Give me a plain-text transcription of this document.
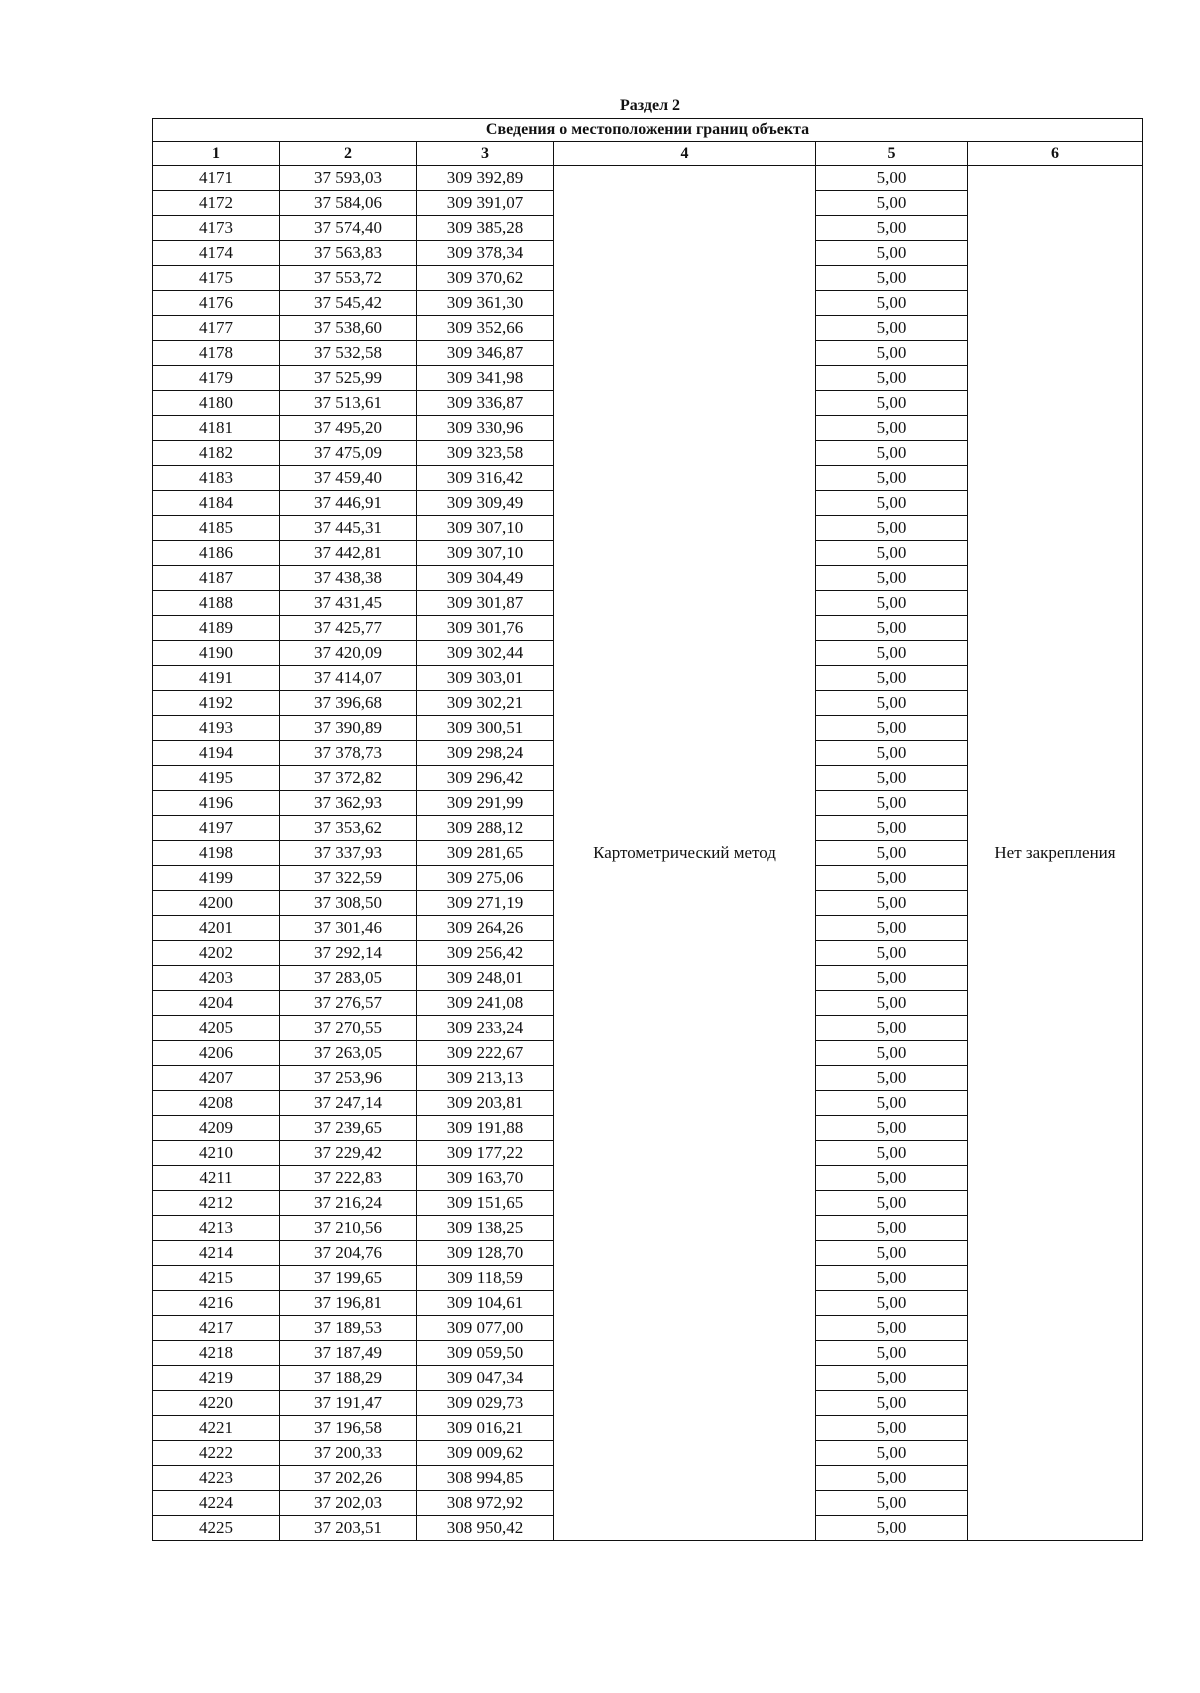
Раздел 2
Сведения о местоположении границ объекта					
1	2	3	4	5	6
4171	37 593,03	309 392,89	Картометрический метод	5,00	Нет закрепления
4172	37 584,06	309 391,07		5,00	
4173	37 574,40	309 385,28		5,00	
4174	37 563,83	309 378,34		5,00	
4175	37 553,72	309 370,62		5,00	
4176	37 545,42	309 361,30		5,00	
4177	37 538,60	309 352,66		5,00	
4178	37 532,58	309 346,87		5,00	
4179	37 525,99	309 341,98		5,00	
4180	37 513,61	309 336,87		5,00	
4181	37 495,20	309 330,96		5,00	
4182	37 475,09	309 323,58		5,00	
4183	37 459,40	309 316,42		5,00	
4184	37 446,91	309 309,49		5,00	
4185	37 445,31	309 307,10		5,00	
4186	37 442,81	309 307,10		5,00	
4187	37 438,38	309 304,49		5,00	
4188	37 431,45	309 301,87		5,00	
4189	37 425,77	309 301,76		5,00	
4190	37 420,09	309 302,44		5,00	
4191	37 414,07	309 303,01		5,00	
4192	37 396,68	309 302,21		5,00	
4193	37 390,89	309 300,51		5,00	
4194	37 378,73	309 298,24		5,00	
4195	37 372,82	309 296,42		5,00	
4196	37 362,93	309 291,99		5,00	
4197	37 353,62	309 288,12		5,00	
4198	37 337,93	309 281,65		5,00	
4199	37 322,59	309 275,06		5,00	
4200	37 308,50	309 271,19		5,00	
4201	37 301,46	309 264,26		5,00	
4202	37 292,14	309 256,42		5,00	
4203	37 283,05	309 248,01		5,00	
4204	37 276,57	309 241,08		5,00	
4205	37 270,55	309 233,24		5,00	
4206	37 263,05	309 222,67		5,00	
4207	37 253,96	309 213,13		5,00	
4208	37 247,14	309 203,81		5,00	
4209	37 239,65	309 191,88		5,00	
4210	37 229,42	309 177,22		5,00	
4211	37 222,83	309 163,70		5,00	
4212	37 216,24	309 151,65		5,00	
4213	37 210,56	309 138,25		5,00	
4214	37 204,76	309 128,70		5,00	
4215	37 199,65	309 118,59		5,00	
4216	37 196,81	309 104,61		5,00	
4217	37 189,53	309 077,00		5,00	
4218	37 187,49	309 059,50		5,00	
4219	37 188,29	309 047,34		5,00	
4220	37 191,47	309 029,73		5,00	
4221	37 196,58	309 016,21		5,00	
4222	37 200,33	309 009,62		5,00	
4223	37 202,26	308 994,85		5,00	
4224	37 202,03	308 972,92		5,00	
4225	37 203,51	308 950,42		5,00	
